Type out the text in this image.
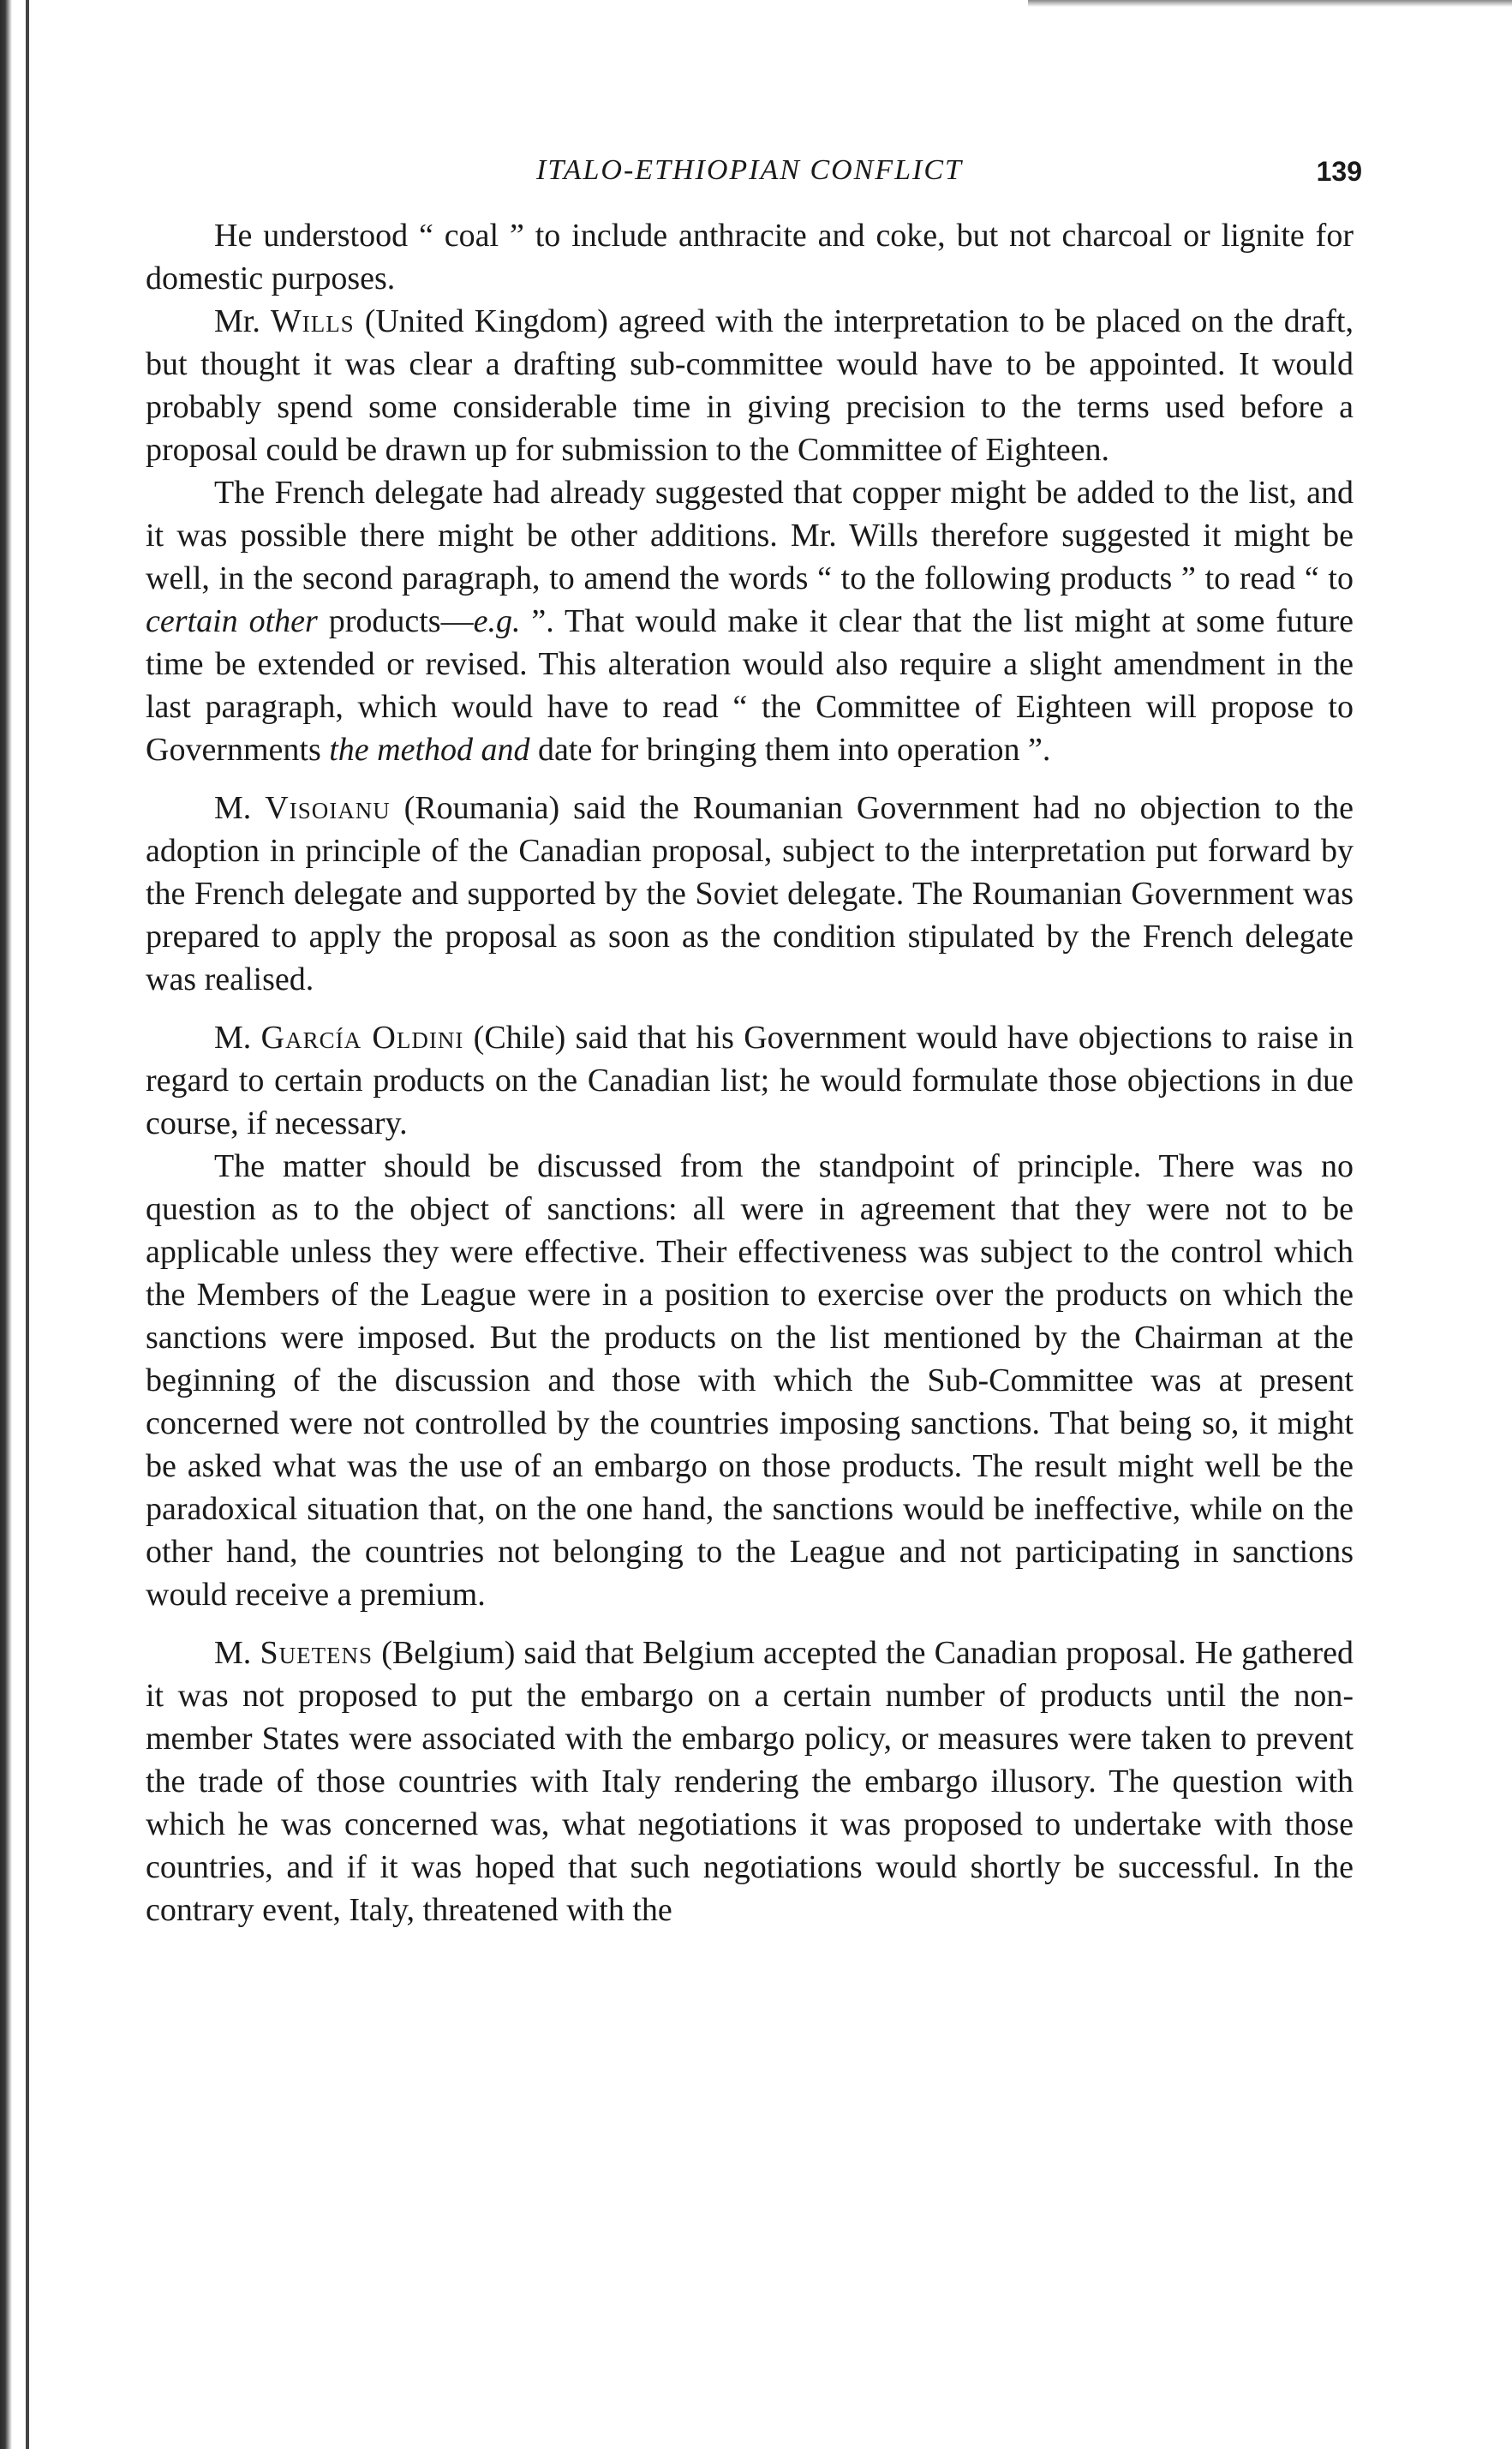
ITALO-ETHIOPIAN CONFLICT	139

He understood “ coal ” to include anthracite and coke, but not charcoal or lignite for domestic purposes.

Mr. Wills (United Kingdom) agreed with the interpretation to be placed on the draft, but thought it was clear a drafting sub-committee would have to be appointed. It would probably spend some considerable time in giving precision to the terms used before a proposal could be drawn up for submission to the Committee of Eighteen.

The French delegate had already suggested that copper might be added to the list, and it was possible there might be other additions. Mr. Wills therefore suggested it might be well, in the second paragraph, to amend the words “ to the following products ” to read “ to certain other products—e.g. ”. That would make it clear that the list might at some future time be extended or revised. This alteration would also require a slight amendment in the last paragraph, which would have to read “ the Committee of Eighteen will propose to Governments the method and date for bringing them into operation ”.

M. Visoianu (Roumania) said the Roumanian Government had no objection to the adoption in principle of the Canadian proposal, subject to the interpretation put forward by the French delegate and supported by the Soviet delegate. The Roumanian Government was prepared to apply the proposal as soon as the condition stipulated by the French delegate was realised.

M. García Oldini (Chile) said that his Government would have objections to raise in regard to certain products on the Canadian list; he would formulate those objections in due course, if necessary.

The matter should be discussed from the standpoint of principle. There was no question as to the object of sanctions: all were in agreement that they were not to be applicable unless they were effective. Their effectiveness was subject to the control which the Members of the League were in a position to exercise over the products on which the sanctions were imposed. But the products on the list mentioned by the Chairman at the beginning of the discussion and those with which the Sub-Committee was at present concerned were not controlled by the countries imposing sanctions. That being so, it might be asked what was the use of an embargo on those products. The result might well be the paradoxical situation that, on the one hand, the sanctions would be ineffective, while on the other hand, the countries not belonging to the League and not participating in sanctions would receive a premium.

M. Suetens (Belgium) said that Belgium accepted the Canadian proposal. He gathered it was not proposed to put the embargo on a certain number of products until the non-member States were associated with the embargo policy, or measures were taken to prevent the trade of those countries with Italy rendering the embargo illusory. The question with which he was concerned was, what negotiations it was proposed to undertake with those countries, and if it was hoped that such negotiations would shortly be successful. In the contrary event, Italy, threatened with the
